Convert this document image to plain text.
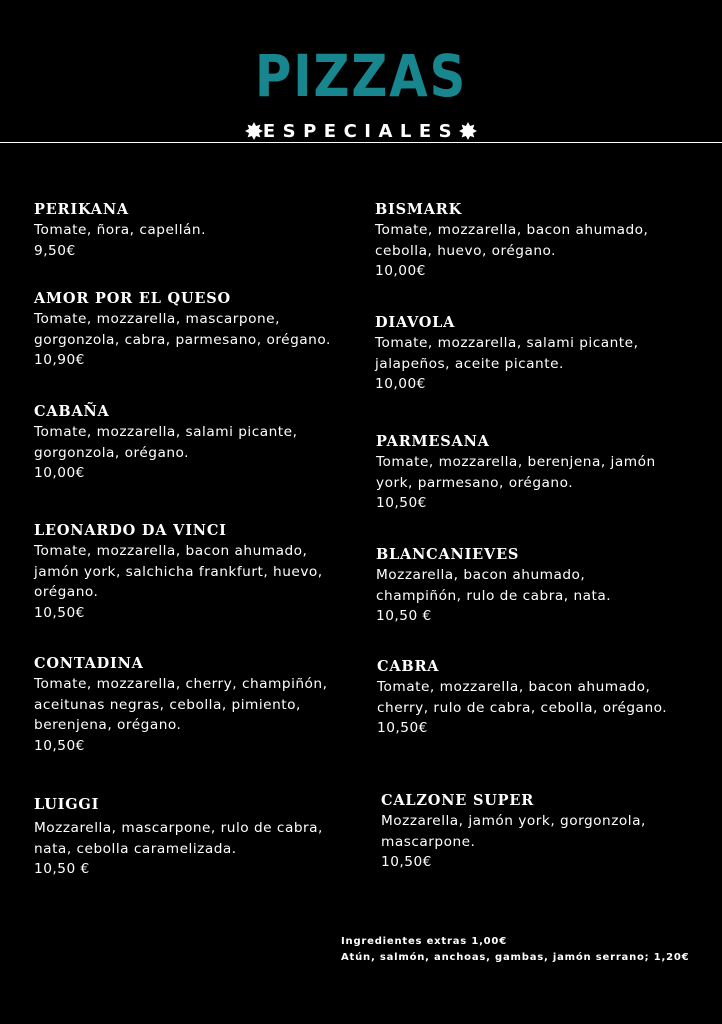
PIZZAS
ESPECIALES
PERIKANA
Tomate, ñora, capellán.
9,50€
AMOR POR EL QUESO
Tomate, mozzarella, mascarpone, gorgonzola, cabra, parmesano, orégano.
10,90€
CABAÑA
Tomate, mozzarella, salami picante, gorgonzola, orégano.
10,00€
LEONARDO DA VINCI
Tomate, mozzarella, bacon ahumado, jamón york, salchicha frankfurt, huevo, orégano.
10,50€
CONTADINA
Tomate, mozzarella, cherry, champiñón, aceitunas negras, cebolla, pimiento, berenjena, orégano.
10,50€
LUIGGI
Mozzarella, mascarpone, rulo de cabra, nata, cebolla caramelizada.
10,50 €
BISMARK
Tomate, mozzarella, bacon ahumado, cebolla, huevo, orégano.
10,00€
DIAVOLA
Tomate, mozzarella, salami picante, jalapeños, aceite picante.
10,00€
PARMESANA
Tomate, mozzarella, berenjena, jamón york, parmesano, orégano.
10,50€
BLANCANIEVES
Mozzarella, bacon ahumado, champiñón, rulo de cabra, nata.
10,50 €
CABRA
Tomate, mozzarella, bacon ahumado, cherry, rulo de cabra, cebolla, orégano.
10,50€
CALZONE SUPER
Mozzarella, jamón york, gorgonzola, mascarpone.
10,50€
Ingredientes extras 1,00€
Atún, salmón, anchoas, gambas, jamón serrano; 1,20€
